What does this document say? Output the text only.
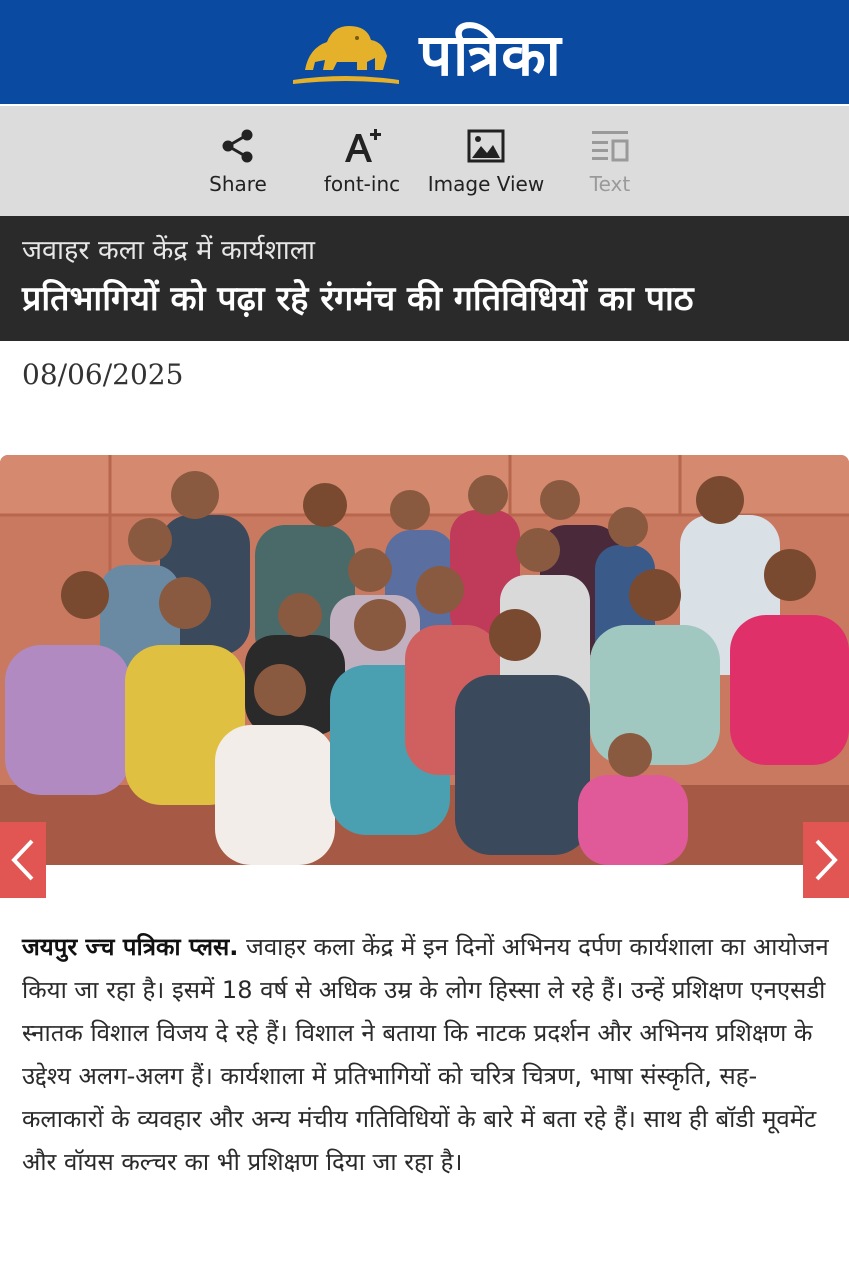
पत्रिका
Share	font-inc	Image View	Text
जवाहर कला केंद्र में कार्यशाला
प्रतिभागियों को पढ़ा रहे रंगमंच की गतिविधियों का पाठ
08/06/2025
जयपुर ज्च पत्रिका प्लस. जवाहर कला केंद्र में इन दिनों अभिनय दर्पण कार्यशाला का आयोजन किया जा रहा है। इसमें 18 वर्ष से अधिक उम्र के लोग हिस्सा ले रहे हैं। उन्हें प्रशिक्षण एनएसडी स्नातक विशाल विजय दे रहे हैं। विशाल ने बताया कि नाटक प्रदर्शन और अभिनय प्रशिक्षण के उद्देश्य अलग-अलग हैं। कार्यशाला में प्रतिभागियों को चरित्र चित्रण, भाषा संस्कृति, सह-कलाकारों के व्यवहार और अन्य मंचीय गतिविधियों के बारे में बता रहे हैं। साथ ही बॉडी मूवमेंट और वॉयस कल्चर का भी प्रशिक्षण दिया जा रहा है।
